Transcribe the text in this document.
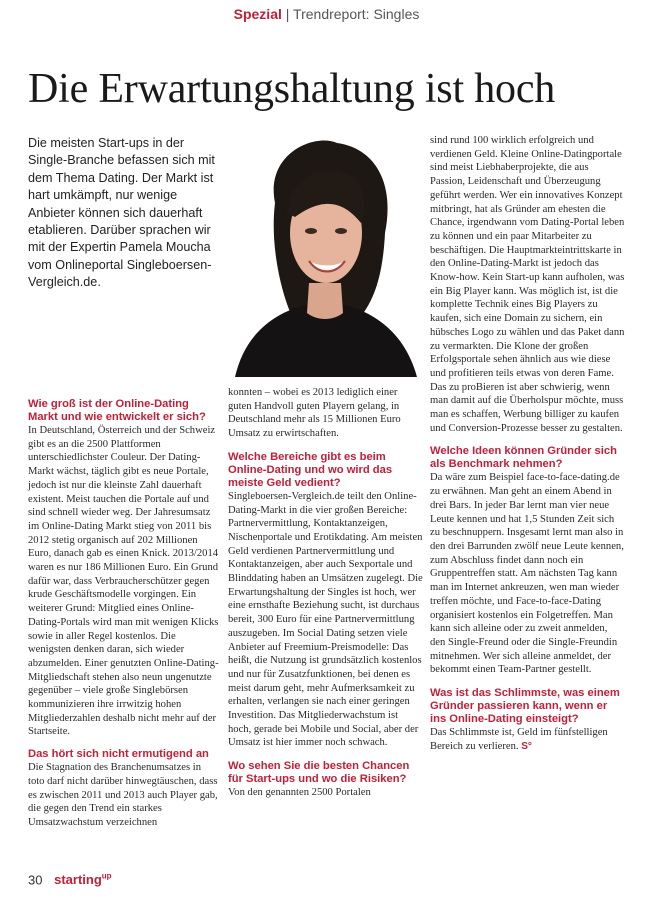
Spezial | Trendreport: Singles
Die Erwartungshaltung ist hoch
Die meisten Start-ups in der Single-Branche befassen sich mit dem Thema Dating. Der Markt ist hart umkämpft, nur wenige Anbieter können sich dauerhaft etablieren. Darüber sprachen wir mit der Expertin Pamela Moucha vom Onlineportal Singleboersen-Vergleich.de.

Wie groß ist der Online-Dating Markt und wie entwickelt er sich?

In Deutschland, Österreich und der Schweiz gibt es an die 2500 Plattformen unterschiedlichster Couleur. Der Dating-Markt wächst, täglich gibt es neue Portale, jedoch ist nur die kleinste Zahl dauerhaft existent. Meist tauchen die Portale auf und sind schnell wieder weg. Der Jahresumsatz im Online-Dating Markt stieg von 2011 bis 2012 stetig organisch auf 202 Millionen Euro, danach gab es einen Knick. 2013/2014 waren es nur 186 Millionen Euro. Ein Grund dafür war, dass Verbraucherschützer gegen krude Geschäftsmodelle vorgingen. Ein weiterer Grund: Mitglied eines Online-Dating-Portals wird man mit wenigen Klicks sowie in aller Regel kostenlos. Die wenigsten denken daran, sich wieder abzumelden. Einer genutzten Online-Dating-Mitgliedschaft stehen also neun ungenutzte gegenüber – viele große Singlebörsen kommunizieren ihre irrwitzig hohen Mitgliederzahlen deshalb nicht mehr auf der Startseite.

Das hört sich nicht ermutigend an

Die Stagnation des Branchenumsatzes in toto darf nicht darüber hinwegtäuschen, dass es zwischen 2011 und 2013 auch Player gab, die gegen den Trend ein starkes Umsatzwachstum verzeichnen

konnten – wobei es 2013 lediglich einer guten Handvoll guten Playern gelang, in Deutschland mehr als 15 Millionen Euro Umsatz zu erwirtschaften.

Welche Bereiche gibt es beim Online-Dating und wo wird das meiste Geld vedient?

Singleboersen-Vergleich.de teilt den Online-Dating-Markt in die vier großen Bereiche: Partnervermittlung, Kontaktanzeigen, Nischenportale und Erotikdating. Am meisten Geld verdienen Partnervermittlung und Kontaktanzeigen, aber auch Sexportale und Blinddating haben an Umsätzen zugelegt. Die Erwartungshaltung der Singles ist hoch, wer eine ernsthafte Beziehung sucht, ist durchaus bereit, 300 Euro für eine Partnervermittlung auszugeben. Im Social Dating setzen viele Anbieter auf Freemium-Preismodelle: Das heißt, die Nutzung ist grundsätzlich kostenlos und nur für Zusatzfunktionen, bei denen es meist darum geht, mehr Aufmerksamkeit zu erhalten, verlangen sie nach einer geringen Investition. Das Mitgliederwachstum ist hoch, gerade bei Mobile und Social, aber der Umsatz ist hier immer noch schwach.

Wo sehen Sie die besten Chancen für Start-ups und wo die Risiken?

Von den genannten 2500 Portalen

sind rund 100 wirklich erfolgreich und verdienen Geld. Kleine Online-Datingportale sind meist Liebhaberprojekte, die aus Passion, Leidenschaft und Überzeugung geführt werden. Wer ein innovatives Konzept mitbringt, hat als Gründer am ehesten die Chance, irgendwann vom Dating-Portal leben zu können und ein paar Mitarbeiter zu beschäftigen. Die Hauptmarkteintrittskarte in den Online-Dating-Markt ist jedoch das Know-how. Kein Start-up kann aufholen, was ein Big Player kann. Was möglich ist, ist die komplette Technik eines Big Players zu kaufen, sich eine Domain zu sichern, ein hübsches Logo zu wählen und das Paket dann zu vermarkten. Die Klone der großen Erfolgsportale sehen ähnlich aus wie diese und profitieren teils etwas von deren Fame. Das zu proBieren ist aber schwierig, wenn man damit auf die Überholspur möchte, muss man es schaffen, Werbung billiger zu kaufen und Conversion-Prozesse besser zu gestalten.

Welche Ideen können Gründer sich als Benchmark nehmen?

Da wäre zum Beispiel face-to-face-dating.de zu erwähnen. Man geht an einem Abend in drei Bars. In jeder Bar lernt man vier neue Leute kennen und hat 1,5 Stunden Zeit sich zu beschnuppern. Insgesamt lernt man also in den drei Barrunden zwölf neue Leute kennen, zum Abschluss findet dann noch ein Gruppentreffen statt. Am nächsten Tag kann man im Internet ankreuzen, wen man wieder treffen möchte, und Face-to-face-Dating organisiert kostenlos ein Folgetreffen. Man kann sich alleine oder zu zweit anmelden, den Single-Freund oder die Single-Freundin mitnehmen. Wer sich alleine anmeldet, der bekommt einen Team-Partner gestellt.

Was ist das Schlimmste, was einem Gründer passieren kann, wenn er ins Online-Dating einsteigt?

Das Schlimmste ist, Geld im fünfstelligen Bereich zu verlieren. S°

30 starting$^{up}$
